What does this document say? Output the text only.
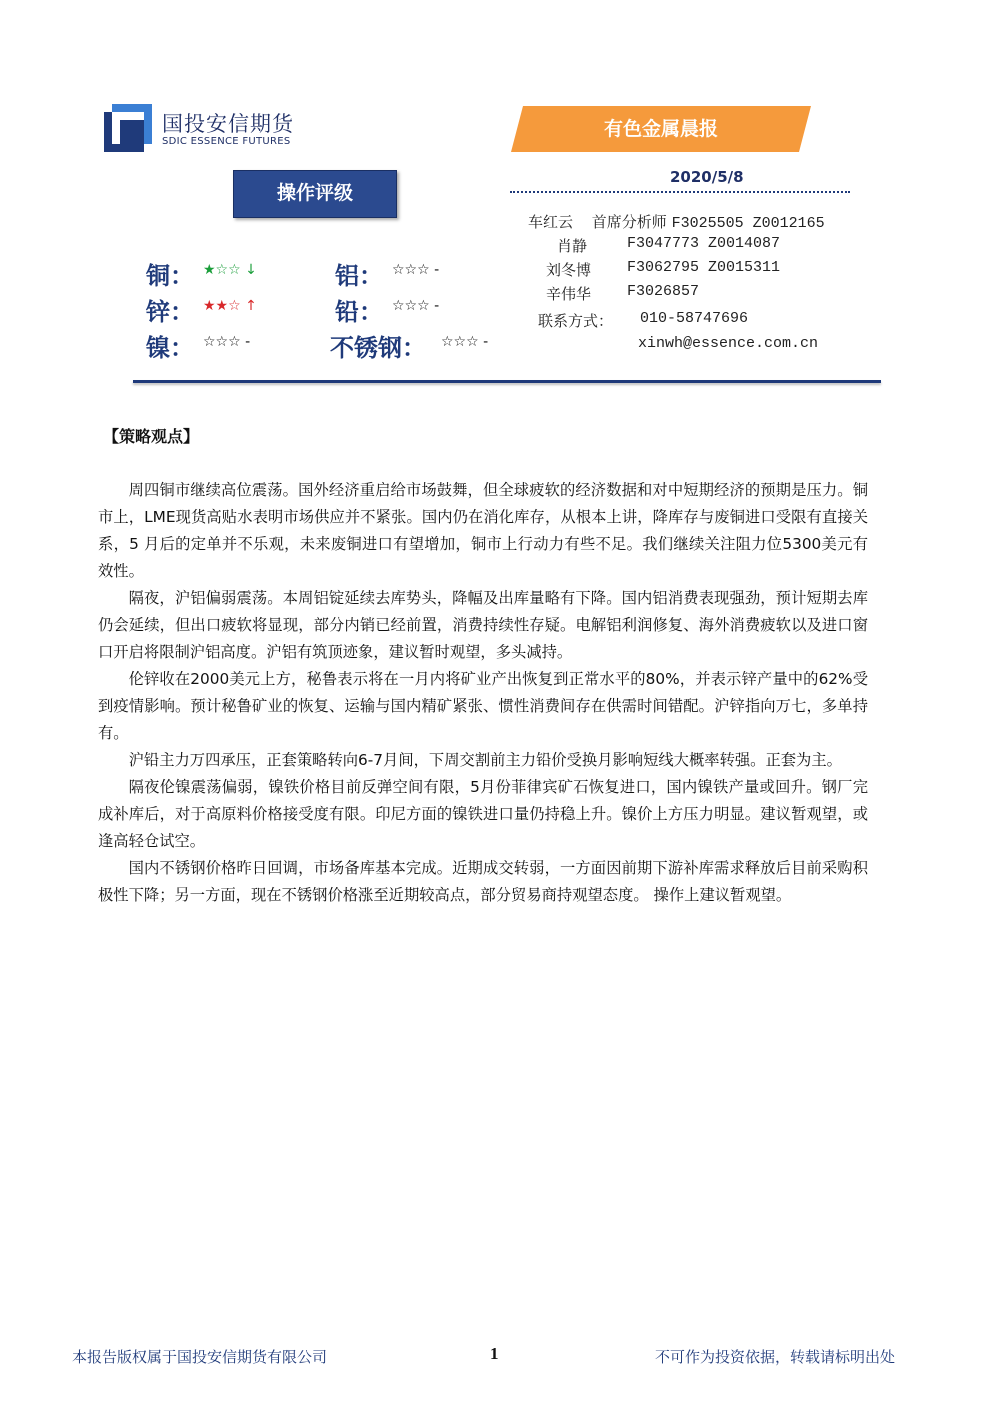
国投安信期货
SDIC ESSENCE FUTURES
有色金属晨报
2020/5/8
操作评级
铜： ★☆☆ ↓	铝： ☆☆☆ -
锌： ★★☆ ↑	铅： ☆☆☆ -
镍： ☆☆☆ -	不锈钢： ☆☆☆ -
车红云 首席分析师 F3025505 Z0012165
肖静	F3047773 Z0014087
刘冬博 F3062795 Z0015311
辛伟华 F3026857
联系方式： 010-58747696
xinwh@essence.com.cn
【策略观点】

周四铜市继续高位震荡。国外经济重启给市场鼓舞，但全球疲软的经济数据和对中短期经济的预期是压力。铜市上，LME现货高贴水表明市场供应并不紧张。国内仍在消化库存，从根本上讲，降库存与废铜进口受限有直接关系，5 月后的定单并不乐观，未来废铜进口有望增加，铜市上行动力有些不足。我们继续关注阻力位5300美元有效性。

隔夜，沪铝偏弱震荡。本周铝锭延续去库势头，降幅及出库量略有下降。国内铝消费表现强劲，预计短期去库仍会延续，但出口疲软将显现，部分内销已经前置，消费持续性存疑。电解铝利润修复、海外消费疲软以及进口窗口开启将限制沪铝高度。沪铝有筑顶迹象，建议暂时观望，多头减持。

伦锌收在2000美元上方，秘鲁表示将在一月内将矿业产出恢复到正常水平的80%，并表示锌产量中的62%受到疫情影响。预计秘鲁矿业的恢复、运输与国内精矿紧张、惯性消费间存在供需时间错配。沪锌指向万七，多单持有。

沪铅主力万四承压，正套策略转向6-7月间，下周交割前主力铅价受换月影响短线大概率转强。正套为主。

隔夜伦镍震荡偏弱，镍铁价格目前反弹空间有限，5月份菲律宾矿石恢复进口，国内镍铁产量或回升。钢厂完成补库后，对于高原料价格接受度有限。印尼方面的镍铁进口量仍持稳上升。镍价上方压力明显。建议暂观望，或逢高轻仓试空。

国内不锈钢价格昨日回调，市场备库基本完成。近期成交转弱，一方面因前期下游补库需求释放后目前采购积极性下降；另一方面，现在不锈钢价格涨至近期较高点，部分贸易商持观望态度。 操作上建议暂观望。

本报告版权属于国投安信期货有限公司	1	不可作为投资依据，转载请标明出处
